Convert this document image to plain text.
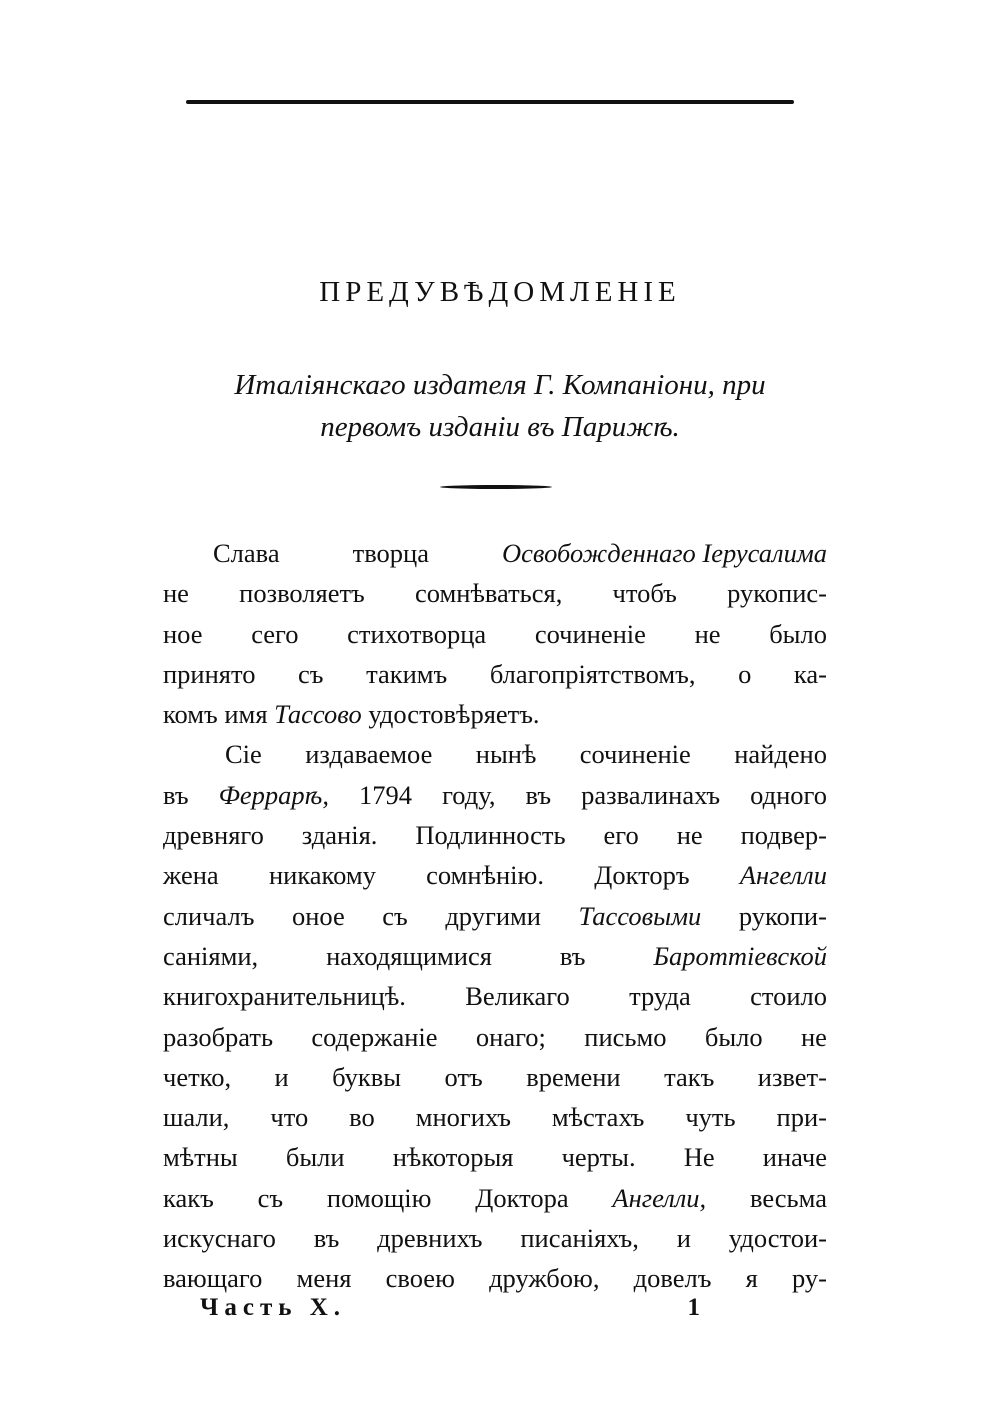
ПРЕДУВѢДОМЛЕНІЕ
Италіянскаго издателя Г. Компаніони, при
первомъ изданіи въ Парижѣ.
Слава	творца	Освобожденнаго Іерусалима
не позволяетъ сомнѣваться, чтобъ рукопис-
ное сего стихотворца сочиненіе не было
принято съ такимъ благопріятствомъ, о ка-
комъ
имя
Тассово
удостовѣряетъ.
Сіе издаваемое нынѣ сочиненіе найдено
въ Феррарѣ, 1794 году, въ развалинахъ одного
древняго зданія. Подлинность его не подвер-
жена никакому сомнѣнію. Докторъ Ангелли
сличалъ оное съ другими Тассовыми рукопи-
саніями,	находящимися	въ	Бароттіевской
книгохранительницѣ. Великаго труда стоило
разобрать содержаніе онаго; письмо было не
четко, и буквы отъ времени такъ извет-
шали, что во многихъ мѣстахъ чуть при-
мѣтны были нѣкоторыя черты. Не иначе
какъ съ помощію Доктора Ангелли, весьма
искуснаго въ древнихъ писаніяхъ, и удостои-
вающаго меня своею дружбою, довелъ я ру-
Часть X.	1
